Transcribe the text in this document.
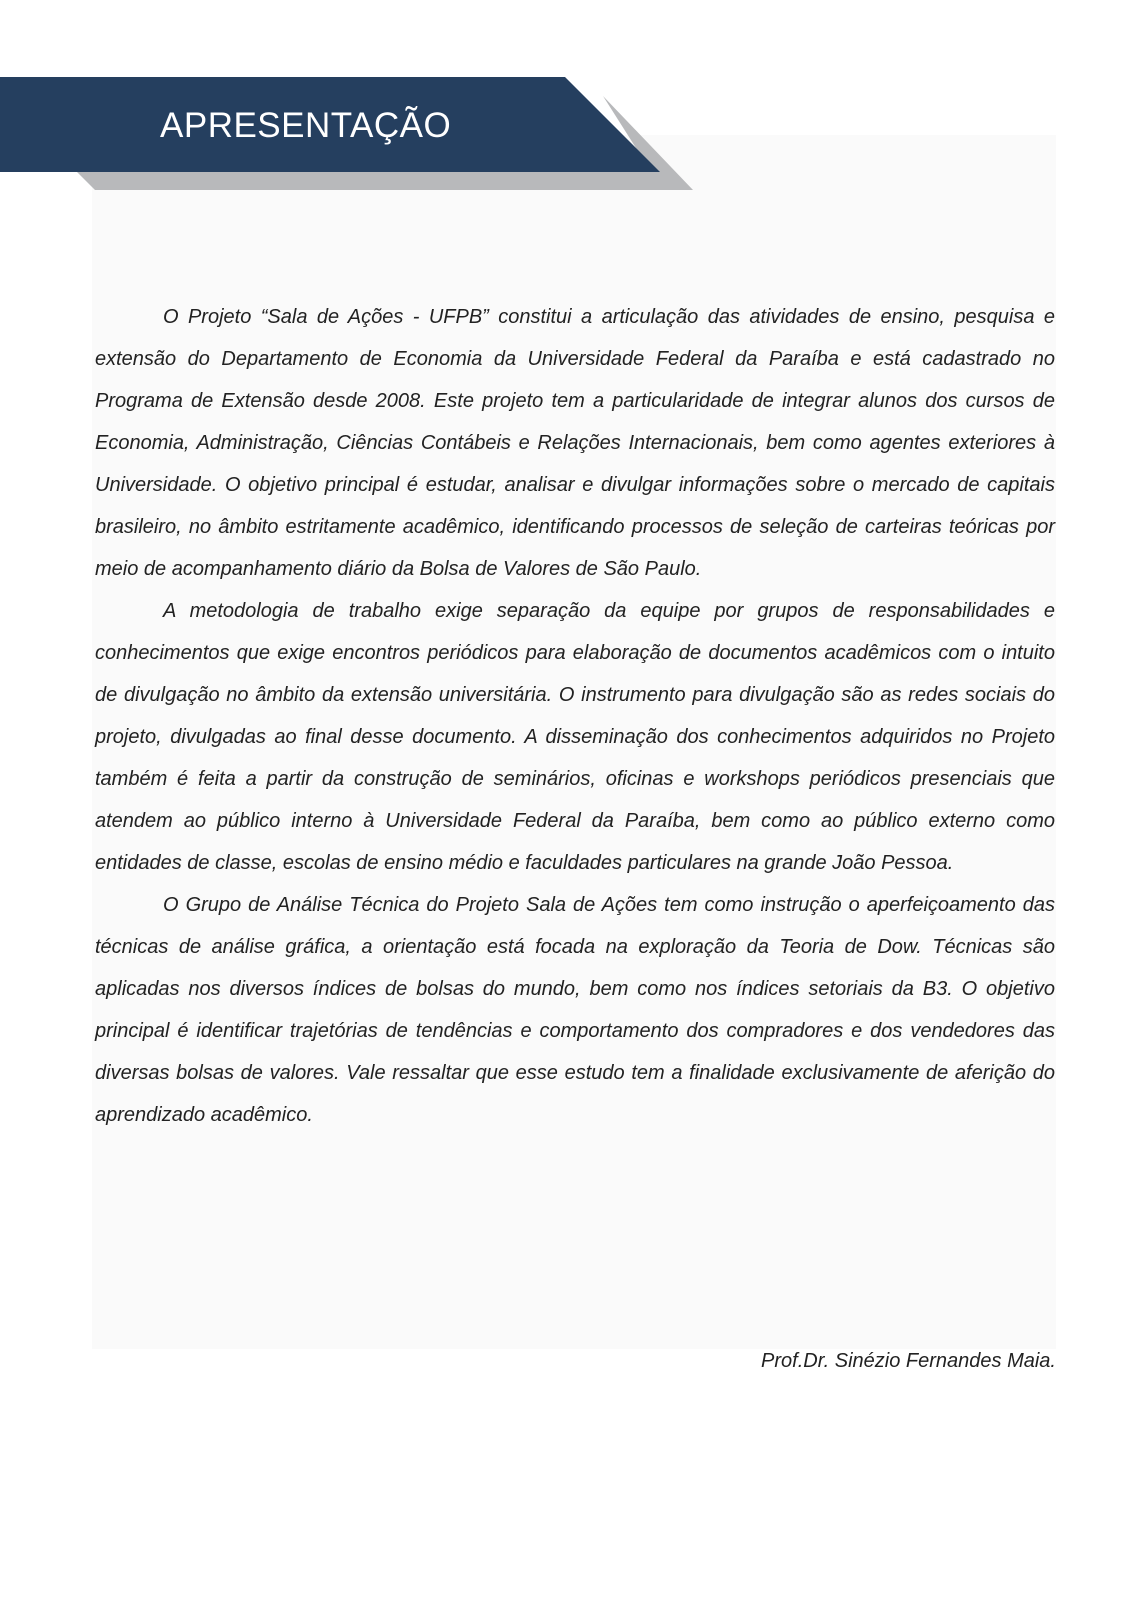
APRESENTAÇÃO

O Projeto “Sala de Ações - UFPB” constitui a articulação das atividades de ensino, pesquisa e extensão do Departamento de Economia da Universidade Federal da Paraíba e está cadastrado no Programa de Extensão desde 2008. Este projeto tem a particularidade de integrar alunos dos cursos de Economia, Administração, Ciências Contábeis e Relações Internacionais, bem como agentes exteriores à Universidade. O objetivo principal é estudar, analisar e divulgar informações sobre o mercado de capitais brasileiro, no âmbito estritamente acadêmico, identificando processos de seleção de carteiras teóricas por meio de acompanhamento diário da Bolsa de Valores de São Paulo.

A metodologia de trabalho exige separação da equipe por grupos de responsabilidades e conhecimentos que exige encontros periódicos para elaboração de documentos acadêmicos com o intuito de divulgação no âmbito da extensão universitária. O instrumento para divulgação são as redes sociais do projeto, divulgadas ao final desse documento. A disseminação dos conhecimentos adquiridos no Projeto também é feita a partir da construção de seminários, oficinas e workshops periódicos presenciais que atendem ao público interno à Universidade Federal da Paraíba, bem como ao público externo como entidades de classe, escolas de ensino médio e faculdades particulares na grande João Pessoa.

O Grupo de Análise Técnica do Projeto Sala de Ações tem como instrução o aperfeiçoamento das técnicas de análise gráfica, a orientação está focada na exploração da Teoria de Dow. Técnicas são aplicadas nos diversos índices de bolsas do mundo, bem como nos índices setoriais da B3. O objetivo principal é identificar trajetórias de tendências e comportamento dos compradores e dos vendedores das diversas bolsas de valores. Vale ressaltar que esse estudo tem a finalidade exclusivamente de aferição do aprendizado acadêmico.

Prof.Dr. Sinézio Fernandes Maia.
